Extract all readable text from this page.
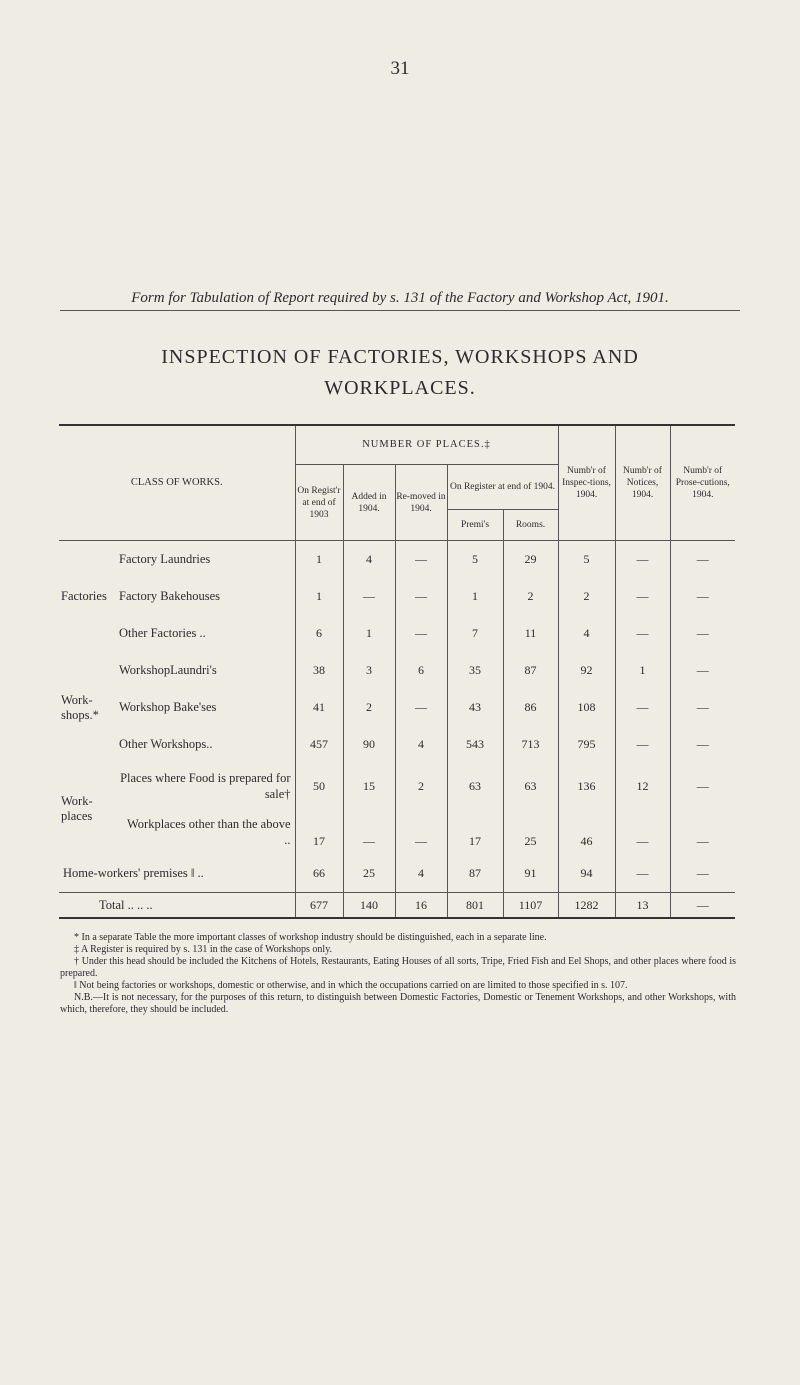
31
Form for Tabulation of Report required by s. 131 of the Factory and Workshop Act, 1901.
INSPECTION OF FACTORIES, WORKSHOPS AND
WORKPLACES.
CLASS OF WORKS.		NUMBER OF PLACES.‡					Numb'r of Inspec-tions, 1904.	Numb'r of Notices, 1904.	Numb'r of Prose-cutions, 1904.
		On Regist'r at end of 1903	Added in 1904.	Re-moved in 1904.	On Register at end of 1904.				
					Premi's	Rooms.			
Factories	Factory Laundries	1	4	—	5	29	5	—	—
	Factory Bakehouses	1	—	—	1	2	2	—	—
	Other Factories ..	6	1	—	7	11	4	—	—
Work-shops.*	WorkshopLaundri's	38	3	6	35	87	92	1	—
	Workshop Bake'ses	41	2	—	43	86	108	—	—
	Other Workshops..	457	90	4	543	713	795	—	—
Work-places	Places where Food is prepared for sale†	50	15	2	63	63	136	12	—
	Workplaces other than the above ..	17	—	—	17	25	46	—	—
Home-workers' premises ‖ ..		66	25	4	87	91	94	—	—
Total .. .. ..		677	140	16	801	1107	1282	13	—

* In a separate Table the more important classes of workshop industry should be distinguished, each in a separate line.

‡ A Register is required by s. 131 in the case of Workshops only.

† Under this head should be included the Kitchens of Hotels, Restaurants, Eating Houses of all sorts, Tripe, Fried Fish and Eel Shops, and other places where food is prepared.

‖ Not being factories or workshops, domestic or otherwise, and in which the occupations carried on are limited to those specified in s. 107.

N.B.—It is not necessary, for the purposes of this return, to distinguish between Domestic Factories, Domestic or Tenement Workshops, and other Workshops, with which, therefore, they should be included.
